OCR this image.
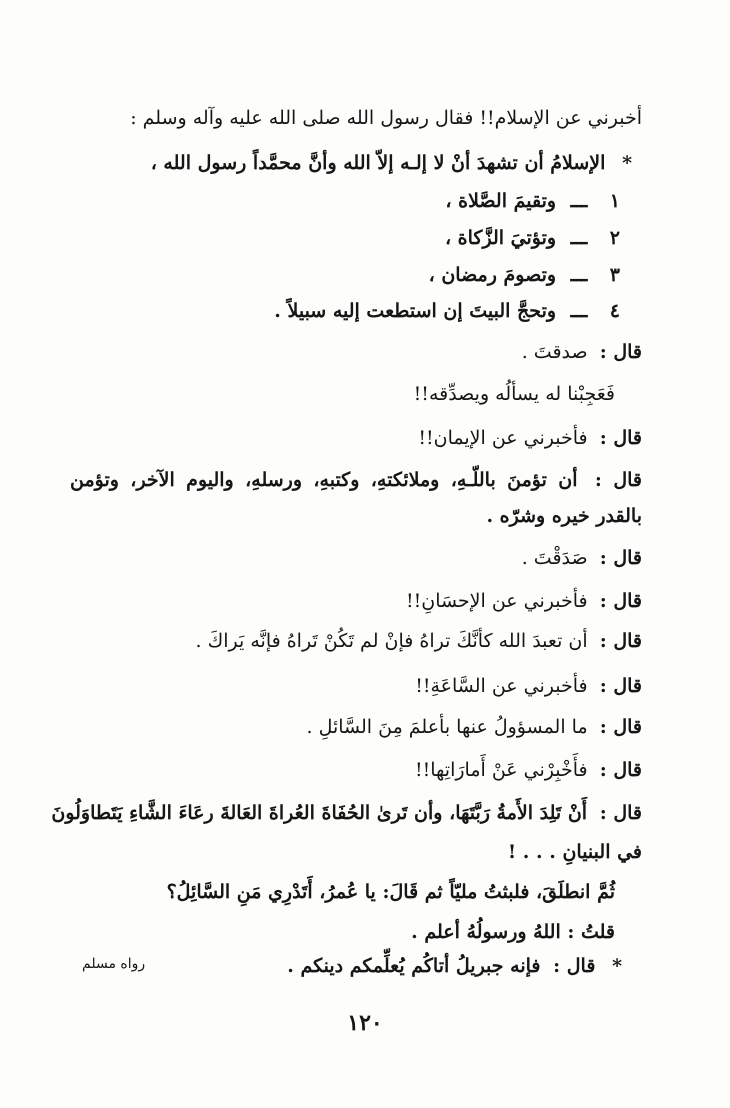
أخبرني عن الإسلام!! فقال رسول الله صلى الله عليه وآله وسلم :
* الإسلامُ أن تشهدَ أنْ لا إلـه إلاّ الله وأنَّ محمَّداً رسول الله ،
١ ـــ وتقيمَ الصَّلاة ،
٢ ـــ وتؤتيَ الزَّكاة ،
٣ ـــ وتصومَ رمضان ،
٤ ـــ وتحجَّ البيتَ إن استطعت إليه سبيلاً .
قال : صدقتَ .
فَعَجِبْنا له يسألُه ويصدِّقه!!
قال : فأخبرني عن الإيمان!!
قال : أن تؤمنَ باللّـهِ، وملائكتهِ، وكتبهِ، ورسلهِ، واليوم الآخر، وتؤمن
بالقدر خيره وشرّه .
قال : صَدَقْتَ .
قال : فأخبرني عن الإحسَانِ!!
قال : أن تعبدَ الله كأنَّكَ تراهُ فإنْ لم تَكُنْ تَراهُ فإنَّه يَراكَ .
قال : فأخبرني عن السَّاعَةِ!!
قال : ما المسؤولُ عنها بأعلمَ مِنَ السَّائلِ .
قال : فأَخْبِرْني عَنْ أَمارَاتِها!!
قال : أَنْ تَلِدَ الأَمةُ رَبَّتَهَا، وأن تَرىٰ الحُفَاةَ العُراةَ العَالةَ رعَاءَ الشَّاءِ يَتَطاوَلُونَ
في البنيانِ . . . !
ثُمَّ انطلَقَ، فلبثتُ مليّاً ثم قَالَ: يا عُمرُ، أَتَدْرِي مَنِ السَّائِلُ؟
قلتُ : اللهُ ورسولُهُ أعلم .
* قال : فإنه جبريلُ أتاكُم يُعلِّمكم دينكم .
رواه مسلم
١٢٠
